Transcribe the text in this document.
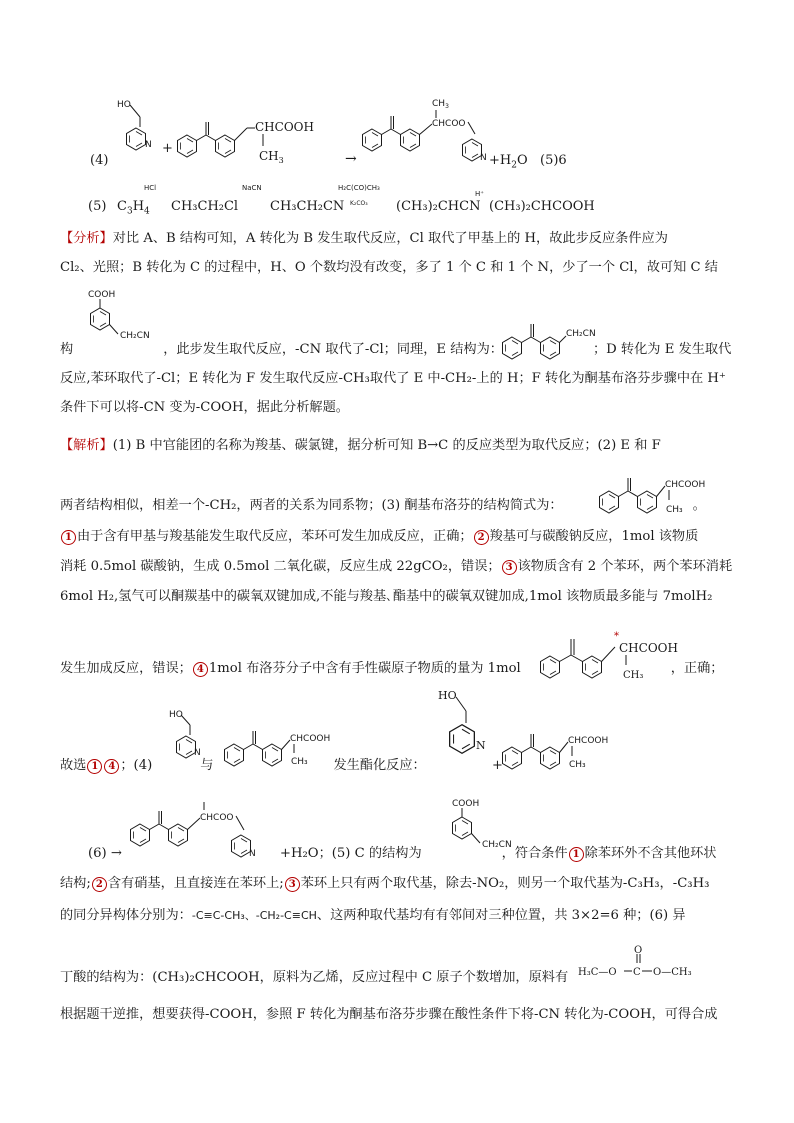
(4)
HO
N +
CHCOOH
$CH_3$	→
$CH_3$
CHCOO
$N +H_2O$ (5)6
(5) $C_3H_4$
HCl
CH₃CH₂Cl
NaCN
CH₃CH₂CN
H₂C(CO)CH₃
K₂CO₃ (CH₃)₂CHCN
H⁺
(CH₃)₂CHCOOH
【分析】对比 A、B 结构可知，A 转化为 B 发生取代反应，Cl 取代了甲基上的 H，故此步反应条件应为
Cl₂、光照；B 转化为 C 的过程中，H、O 个数均没有改变，多了 1 个 C 和 1 个 N，少了一个 Cl，故可知 C 结
COOH
CH₂CN
构	，此步发生取代反应，-CN 取代了-Cl；同理，E 结构为：	；D 转化为 E 发生取代
CH₂CN
反应,苯环取代了-Cl；E 转化为 F 发生取代反应-CH₃取代了 E 中-CH₂-上的 H；F 转化为酮基布洛芬步骤中在 H⁺
条件下可以将-CN 变为-COOH，据此分析解题。
【解析】(1) B 中官能团的名称为羧基、碳氯键，据分析可知 B→C 的反应类型为取代反应；(2) E 和 F
两者结构相似，相差一个-CH₂，两者的关系为同系物；(3) 酮基布洛芬的结构简式为：	。
CHCOOH
CH₃
1 由于含有甲基与羧基能发生取代反应，苯环可发生加成反应，正确； 2 羧基可与碳酸钠反应，1mol 该物质
消耗 0.5mol 碳酸钠，生成 0.5mol 二氧化碳，反应生成 22gCO₂，错误； 3 该物质含有 2 个苯环，两个苯环消耗
6mol H₂,氢气可以酮羰基中的碳氧双键加成,不能与羧基､酯基中的碳氧双键加成,1mol 该物质最多能与 7molH₂
发生加成反应，错误； 4 1mol 布洛芬分子中含有手性碳原子物质的量为 1mol	，正确；
*
CHCOOH
CH₃
故选 1 4 ；(4)	与	发生酯化反应：
HO
N
CHCOOH
CH₃
HO
N
+
CHCOOH
CH₃
(6) →	+H₂O；(5) C 的结构为	，符合条件 1 除苯环外不含其他环状
CHCOO
N
COOH
CH₂CN
结构; 2 含有硝基，且直接连在苯环上; 3 苯环上只有两个取代基，除去-NO₂，则另一个取代基为-C₃H₃，-C₃H₃
的同分异构体分别为：-C≡C-CH₃、-CH₂-C≡CH、这两种取代基均有有邻间对三种位置，共 3×2=6 种；(6) 异
丁酸的结构为：(CH₃)₂CHCOOH，原料为乙烯，反应过程中 C 原子个数增加，原料有 H₃C—O C
O
O—CH₃
根据题干逆推，想要获得-COOH，参照 F 转化为酮基布洛芬步骤在酸性条件下将-CN 转化为-COOH，可得合成
